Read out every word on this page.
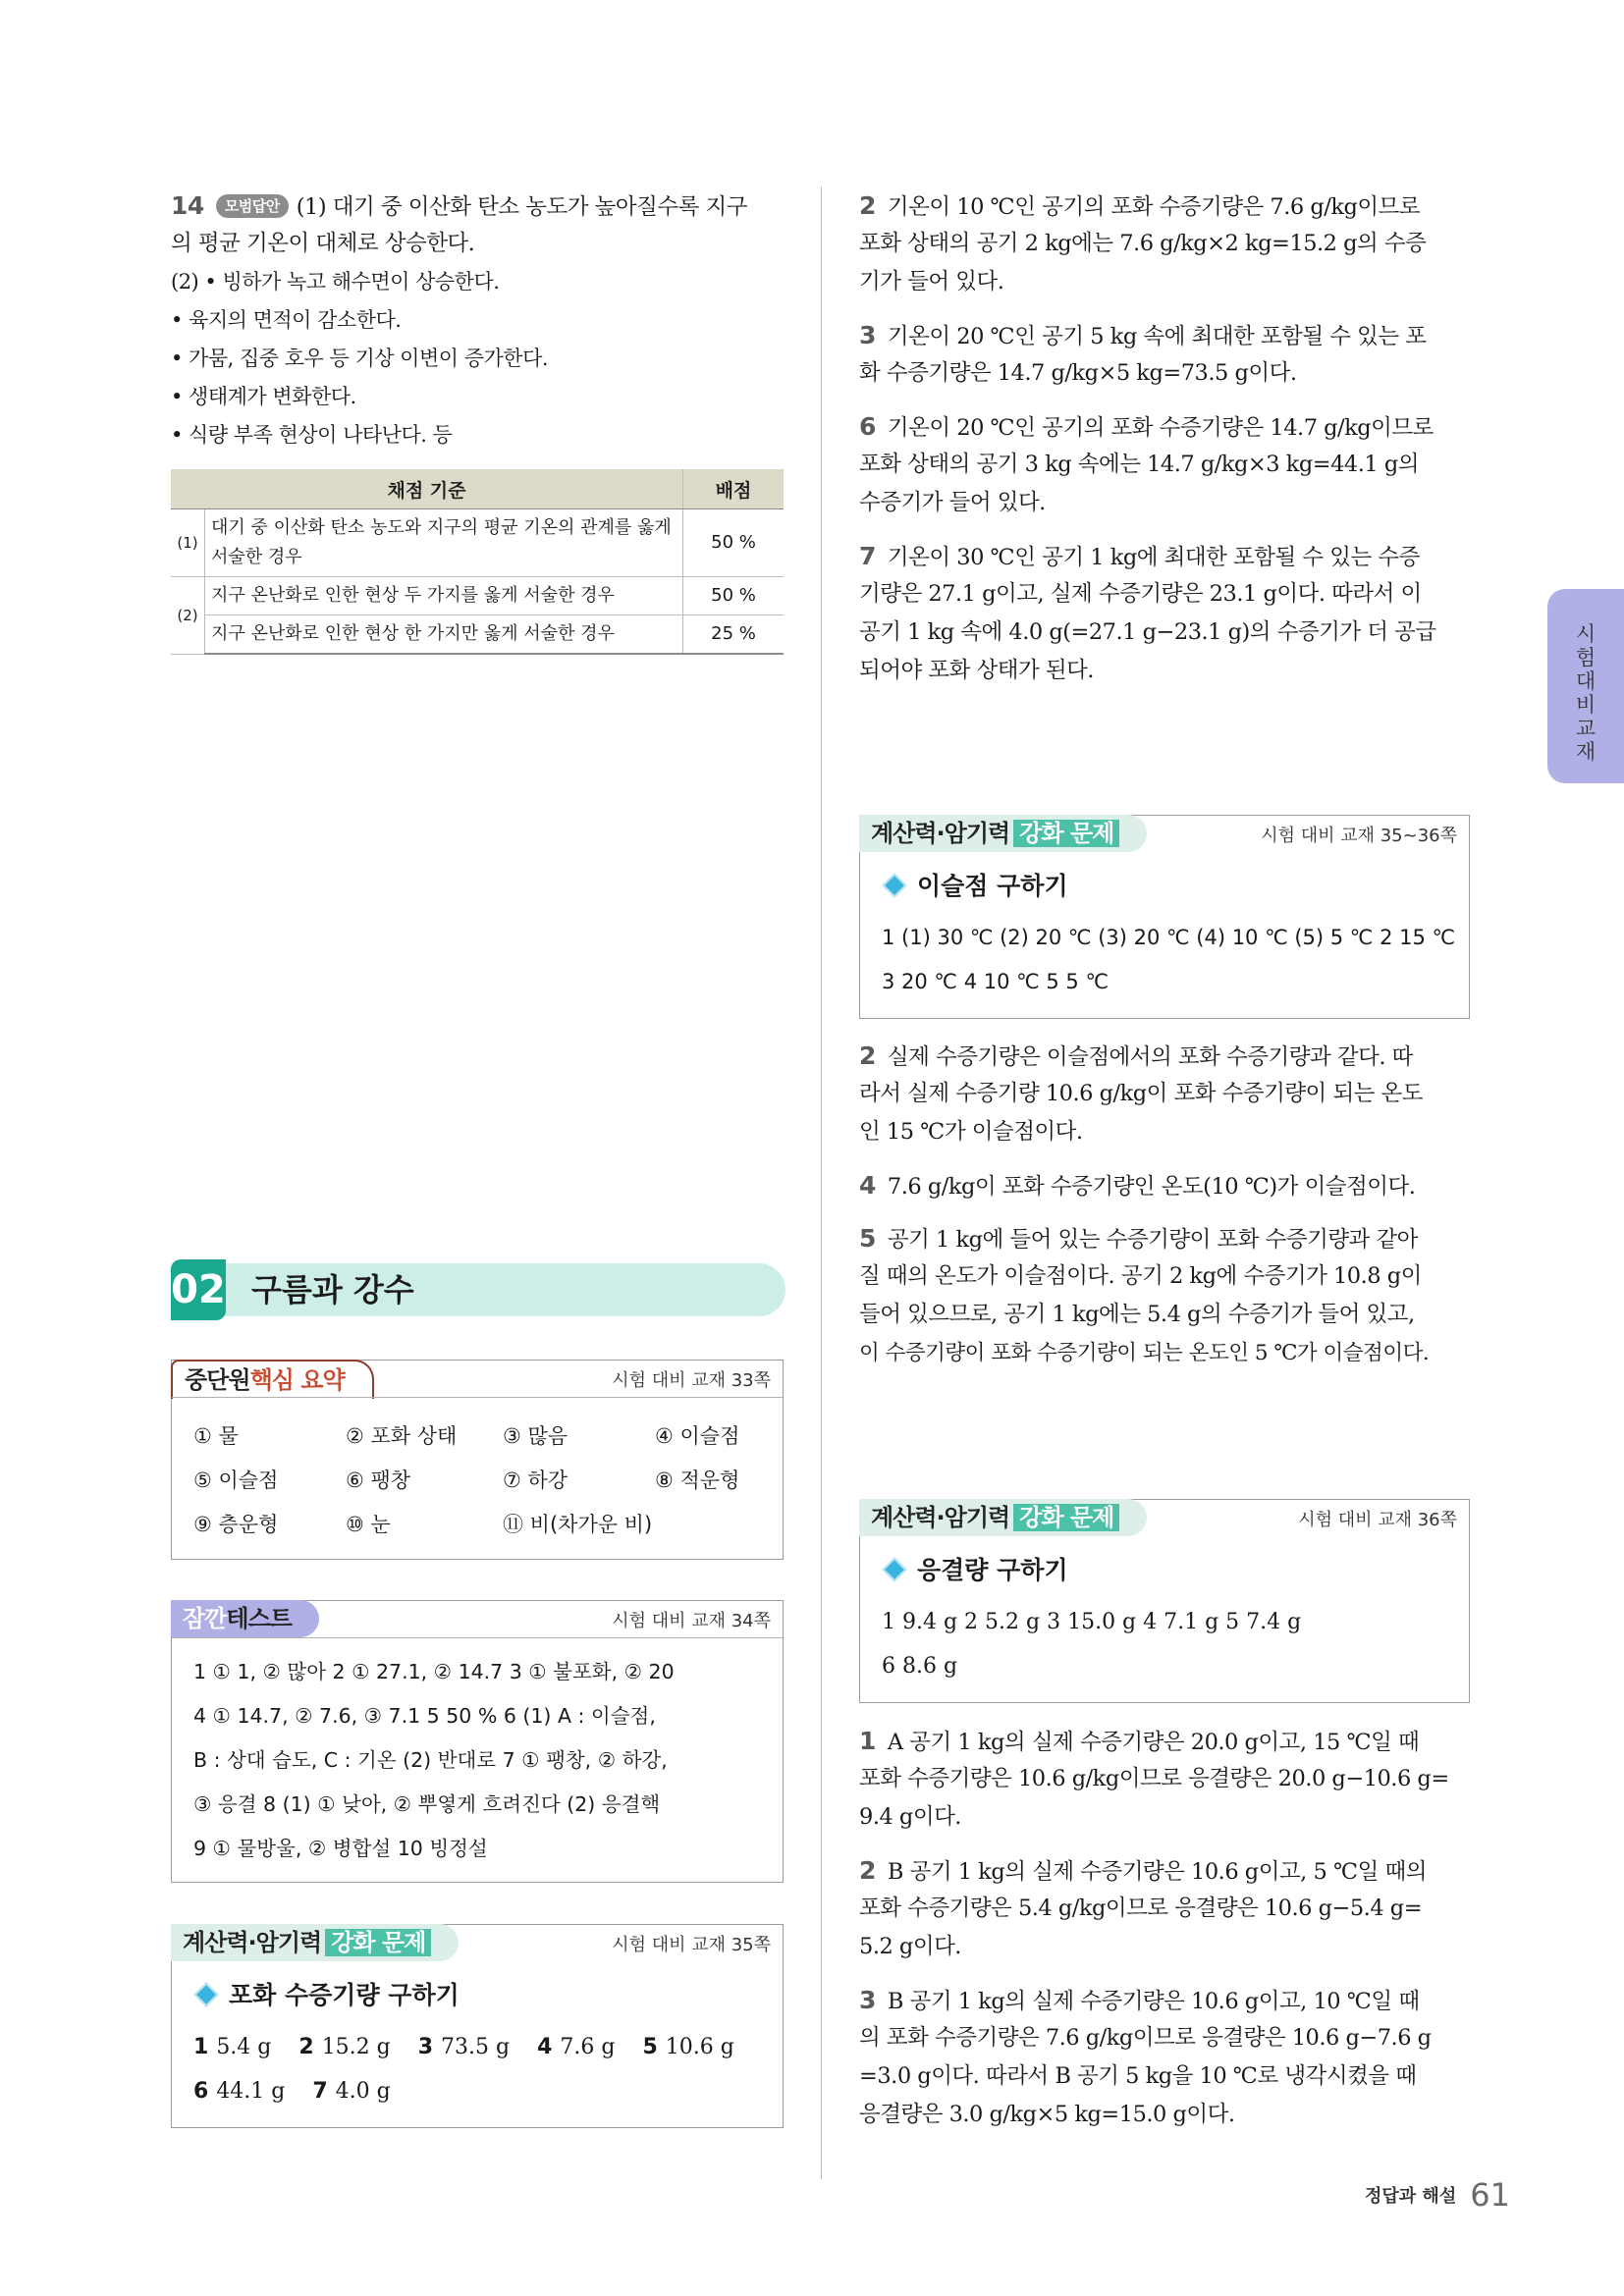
14 모범답안 (1) 대기 중 이산화 탄소 농도가 높아질수록 지구
의 평균 기온이 대체로 상승한다.
(2) • 빙하가 녹고 해수면이 상승한다.
• 육지의 면적이 감소한다.
• 가뭄, 집중 호우 등 기상 이변이 증가한다.
• 생태계가 변화한다.
• 식량 부족 현상이 나타난다. 등
채점 기준		배점
(1)	대기 중 이산화 탄소 농도와 지구의 평균 기온의 관계를 옳게 서술한 경우	50 %
(2)	지구 온난화로 인한 현상 두 가지를 옳게 서술한 경우	50 %
	지구 온난화로 인한 현상 한 가지만 옳게 서술한 경우	25 %
02 구름과 강수
중단원핵심 요약	시험 대비 교재 33쪽
① 물	② 포화 상태 ③ 많음	④ 이슬점
⑤ 이슬점	⑥ 팽창	⑦ 하강	⑧ 적운형
⑨ 층운형	⑩ 눈	⑪ 비(차가운 비)
잠깐테스트	시험 대비 교재 34쪽
1 ① 1, ② 많아 2 ① 27.1, ② 14.7 3 ① 불포화, ② 20
4 ① 14.7, ② 7.6, ③ 7.1 5 50 % 6 (1) A : 이슬점,
B : 상대 습도, C : 기온 (2) 반대로 7 ① 팽창, ② 하강,
③ 응결 8 (1) ① 낮아, ② 뿌옇게 흐려진다 (2) 응결핵
9 ① 물방울, ② 병합설 10 빙정설
계산력·암기력 강화 문제	시험 대비 교재 35쪽
포화 수증기량 구하기
1 5.4 g 2 15.2 g 3 73.5 g 4 7.6 g 5 10.6 g
6 44.1 g 7 4.0 g
2 기온이 10 ℃인 공기의 포화 수증기량은 7.6 g/kg이므로
포화 상태의 공기 2 kg에는 7.6 g/kg×2 kg=15.2 g의 수증
기가 들어 있다.
3 기온이 20 ℃인 공기 5 kg 속에 최대한 포함될 수 있는 포
화 수증기량은 14.7 g/kg×5 kg=73.5 g이다.
6 기온이 20 ℃인 공기의 포화 수증기량은 14.7 g/kg이므로
포화 상태의 공기 3 kg 속에는 14.7 g/kg×3 kg=44.1 g의
수증기가 들어 있다.
7 기온이 30 ℃인 공기 1 kg에 최대한 포함될 수 있는 수증
기량은 27.1 g이고, 실제 수증기량은 23.1 g이다. 따라서 이
공기 1 kg 속에 4.0 g(=27.1 g−23.1 g)의 수증기가 더 공급
되어야 포화 상태가 된다.
계산력·암기력 강화 문제	시험 대비 교재 35~36쪽
이슬점 구하기
1 (1) 30 ℃ (2) 20 ℃ (3) 20 ℃ (4) 10 ℃ (5) 5 ℃ 2 15 ℃
3 20 ℃ 4 10 ℃ 5 5 ℃
2 실제 수증기량은 이슬점에서의 포화 수증기량과 같다. 따
라서 실제 수증기량 10.6 g/kg이 포화 수증기량이 되는 온도
인 15 ℃가 이슬점이다.
4 7.6 g/kg이 포화 수증기량인 온도(10 ℃)가 이슬점이다.
5 공기 1 kg에 들어 있는 수증기량이 포화 수증기량과 같아
질 때의 온도가 이슬점이다. 공기 2 kg에 수증기가 10.8 g이
들어 있으므로, 공기 1 kg에는 5.4 g의 수증기가 들어 있고,
이 수증기량이 포화 수증기량이 되는 온도인 5 ℃가 이슬점이다.
계산력·암기력 강화 문제	시험 대비 교재 36쪽
응결량 구하기
1 9.4 g 2 5.2 g 3 15.0 g 4 7.1 g 5 7.4 g
6 8.6 g
1 A 공기 1 kg의 실제 수증기량은 20.0 g이고, 15 ℃일 때
포화 수증기량은 10.6 g/kg이므로 응결량은 20.0 g−10.6 g=
9.4 g이다.
2 B 공기 1 kg의 실제 수증기량은 10.6 g이고, 5 ℃일 때의
포화 수증기량은 5.4 g/kg이므로 응결량은 10.6 g−5.4 g=
5.2 g이다.
3 B 공기 1 kg의 실제 수증기량은 10.6 g이고, 10 ℃일 때
의 포화 수증기량은 7.6 g/kg이므로 응결량은 10.6 g−7.6 g
=3.0 g이다. 따라서 B 공기 5 kg을 10 ℃로 냉각시켰을 때
응결량은 3.0 g/kg×5 kg=15.0 g이다.
시
험
대
비
교
재
정답과 해설 61
